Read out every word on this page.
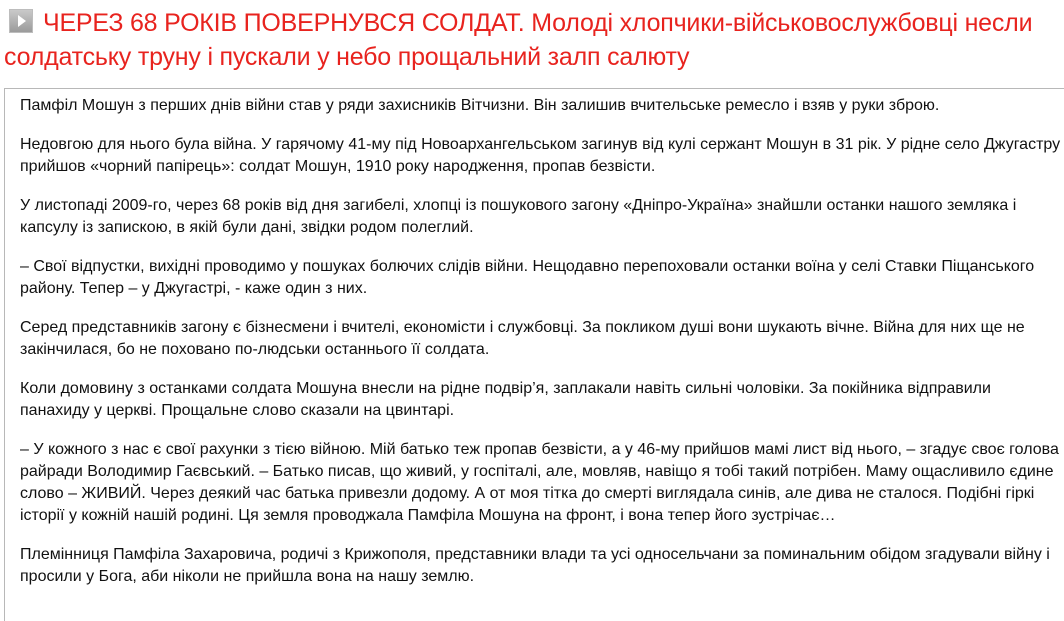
ЧЕРЕЗ 68 РОКІВ ПОВЕРНУВСЯ СОЛДАТ. Молоді хлопчики-військовослужбовці несли солдатську труну і пускали у небо прощальний залп салюту

Памфіл Мошун з перших днів війни став у ряди захисників Вітчизни. Він залишив вчительське ремесло і взяв у руки зброю.

Недовгою для нього була війна. У гарячому 41-му під Новоархангельськом загинув від кулі сержант Мошун в 31 рік. У рідне село Джугастру прийшов «чорний папірець»: солдат Мошун, 1910 року народження, пропав безвісти.

У листопаді 2009-го, через 68 років від дня загибелі, хлопці із пошукового загону «Дніпро-Україна» знайшли останки нашого земляка і капсулу із запискою, в якій були дані, звідки родом полеглий.

– Свої відпустки, вихідні проводимо у пошуках болючих слідів війни. Нещодавно перепоховали останки воїна у селі Ставки Піщанського району. Тепер – у Джугастрі, - каже один з них.

Серед представників загону є бізнесмени і вчителі, економісти і службовці. За покликом душі вони шукають вічне. Війна для них ще не закінчилася, бо не поховано по-людськи останнього її солдата.

Коли домовину з останками солдата Мошуна внесли на рідне подвір’я, заплакали навіть сильні чоловіки. За покійника відправили панахиду у церкві. Прощальне слово сказали на цвинтарі.

– У кожного з нас є свої рахунки з тією війною. Мій батько теж пропав безвісти, а у 46-му прийшов мамі лист від нього, – згадує своє голова райради Володимир Гаєвський. – Батько писав, що живий, у госпіталі, але, мовляв, навіщо я тобі такий потрібен. Маму ощасливило єдине слово – ЖИВИЙ. Через деякий час батька привезли додому. А от моя тітка до смерті виглядала синів, але дива не сталося. Подібні гіркі історії у кожній нашій родині. Ця земля проводжала Памфіла Мошуна на фронт, і вона тепер його зустрічає…

Племінниця Памфіла Захаровича, родичі з Крижополя, представники влади та усі односельчани за поминальним обідом згадували війну і просили у Бога, аби ніколи не прийшла вона на нашу землю.
